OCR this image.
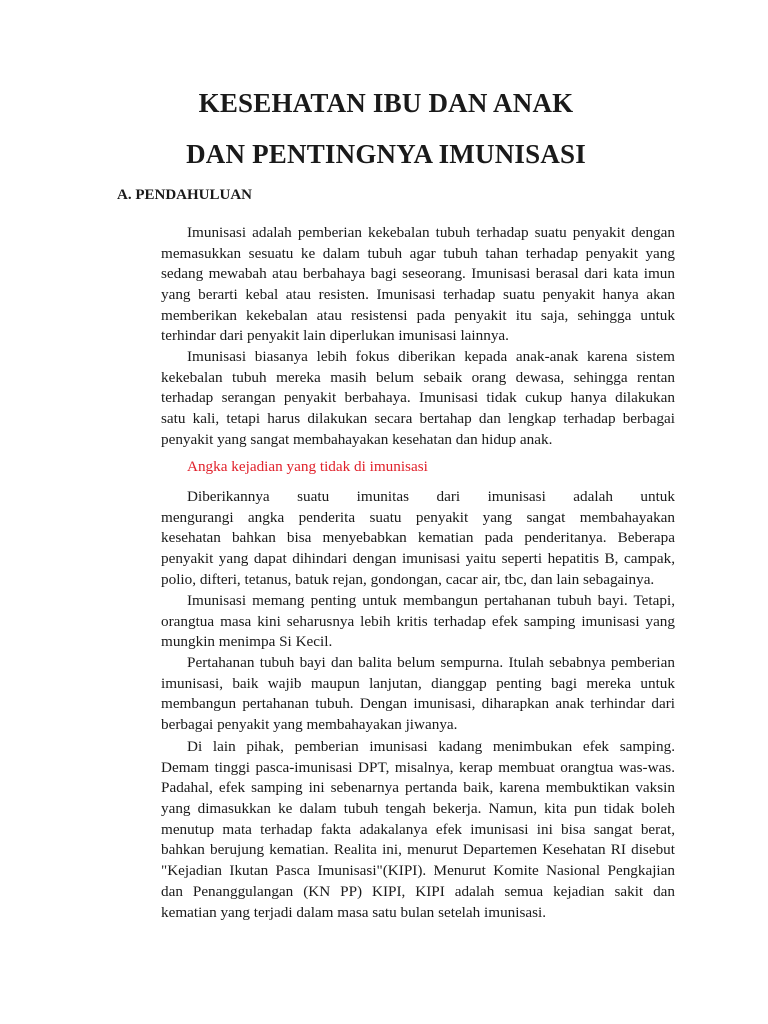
KESEHATAN IBU DAN ANAK
DAN PENTINGNYA IMUNISASI
A. PENDAHULUAN
Imunisasi adalah pemberian kekebalan tubuh terhadap suatu penyakit dengan
memasukkan sesuatu ke dalam tubuh agar tubuh tahan terhadap penyakit yang
sedang mewabah atau berbahaya bagi seseorang. Imunisasi berasal dari kata imun
yang berarti kebal atau resisten. Imunisasi terhadap suatu penyakit hanya akan
memberikan kekebalan atau resistensi pada penyakit itu saja, sehingga untuk
terhindar dari penyakit lain diperlukan imunisasi lainnya.
Imunisasi biasanya lebih fokus diberikan kepada anak-anak karena sistem
kekebalan tubuh mereka masih belum sebaik orang dewasa, sehingga rentan
terhadap serangan penyakit berbahaya. Imunisasi tidak cukup hanya dilakukan
satu kali, tetapi harus dilakukan secara bertahap dan lengkap terhadap berbagai
penyakit yang sangat membahayakan kesehatan dan hidup anak.
Angka kejadian yang tidak di imunisasi
Diberikannya suatu imunitas dari imunisasi adalah untuk
mengurangi angka penderita suatu penyakit yang sangat membahayakan
kesehatan bahkan bisa menyebabkan kematian pada penderitanya. Beberapa
penyakit yang dapat dihindari dengan imunisasi yaitu seperti hepatitis B, campak,
polio, difteri, tetanus, batuk rejan, gondongan, cacar air, tbc, dan lain sebagainya.
Imunisasi memang penting untuk membangun pertahanan tubuh bayi. Tetapi,
orangtua masa kini seharusnya lebih kritis terhadap efek samping imunisasi yang
mungkin menimpa Si Kecil.
Pertahanan tubuh bayi dan balita belum sempurna. Itulah sebabnya pemberian
imunisasi, baik wajib maupun lanjutan, dianggap penting bagi mereka untuk
membangun pertahanan tubuh. Dengan imunisasi, diharapkan anak terhindar dari
berbagai penyakit yang membahayakan jiwanya.
Di lain pihak, pemberian imunisasi kadang menimbukan efek samping.
Demam tinggi pasca-imunisasi DPT, misalnya, kerap membuat orangtua was-was.
Padahal, efek samping ini sebenarnya pertanda baik, karena membuktikan vaksin
yang dimasukkan ke dalam tubuh tengah bekerja. Namun, kita pun tidak boleh
menutup mata terhadap fakta adakalanya efek imunisasi ini bisa sangat berat,
bahkan berujung kematian. Realita ini, menurut Departemen Kesehatan RI disebut
"Kejadian Ikutan Pasca Imunisasi"(KIPI). Menurut Komite Nasional Pengkajian
dan Penanggulangan (KN PP) KIPI, KIPI adalah semua kejadian sakit dan
kematian yang terjadi dalam masa satu bulan setelah imunisasi.
